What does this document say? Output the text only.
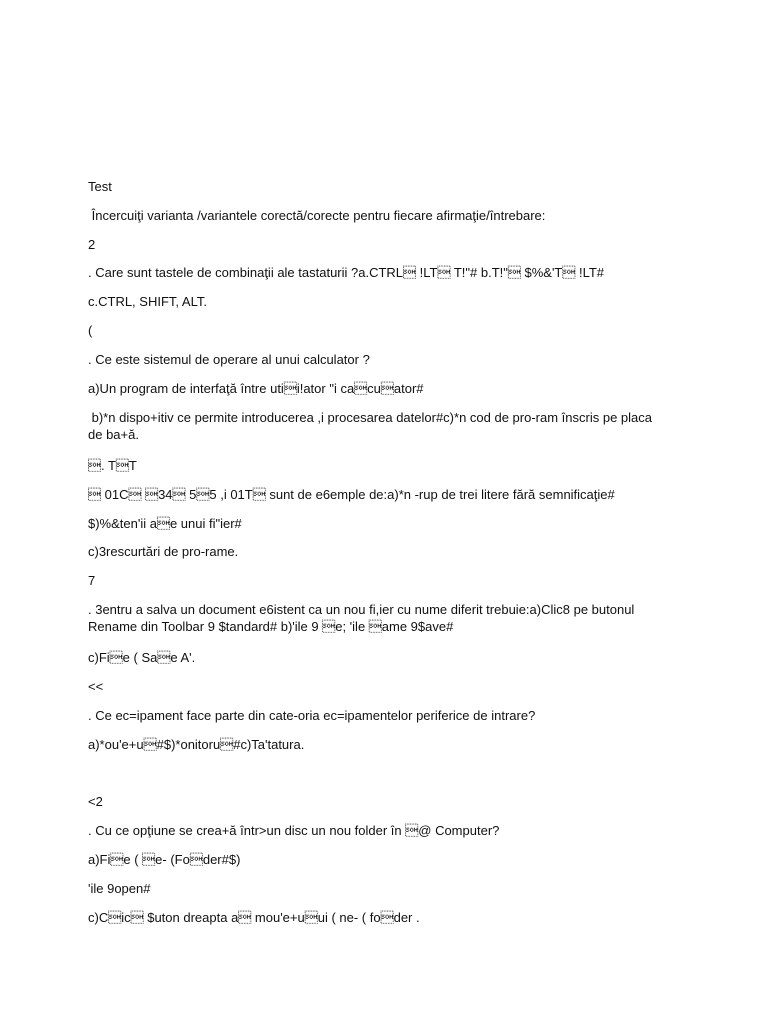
Test
Încercuiţi varianta /variantele corectă/corecte pentru fiecare afirmaţie/întrebare:
2
. Care sunt tastele de combinaţii ale tastaturii ?a.CTRL !LT T!"# b.T!" $%&'T !LT#
c.CTRL, SHIFT, ALT.
(
. Ce este sistemul de operare al unui calculator ?
a)Un program de interfaţă între utii!ator "i cacuator#
b)*n dispo+itiv ce permite introducerea ,i procesarea datelor#c)*n cod de pro-ram înscris pe placa de ba+ă.
. TT
 01C 34 55 ,i 01T sunt de e6emple de:a)*n -rup de trei litere fără semnificaţie#
$)%&ten'ii ae unui fi"ier#
c)3rescurtări de pro-rame.
7
. 3entru a salva un document e6istent ca un nou fi,ier cu nume diferit trebuie:a)Clic8 pe butonul Rename din Toolbar 9 $tandard# b)'ile 9 e; 'ile ame 9$ave#
c)Fie ( Sae A'.
<<
. Ce ec=ipament face parte din cate-oria ec=ipamentelor periferice de intrare?
a)*ou'e+u#$)*onitoru#c)Ta'tatura.
<2
. Cu ce opţiune se crea+ă într>un disc un nou folder în @ Computer?
a)Fie ( e- (Foder#$)
'ile 9open#
c)Cic $uton dreapta a mou'e+uui ( ne- ( foder .
